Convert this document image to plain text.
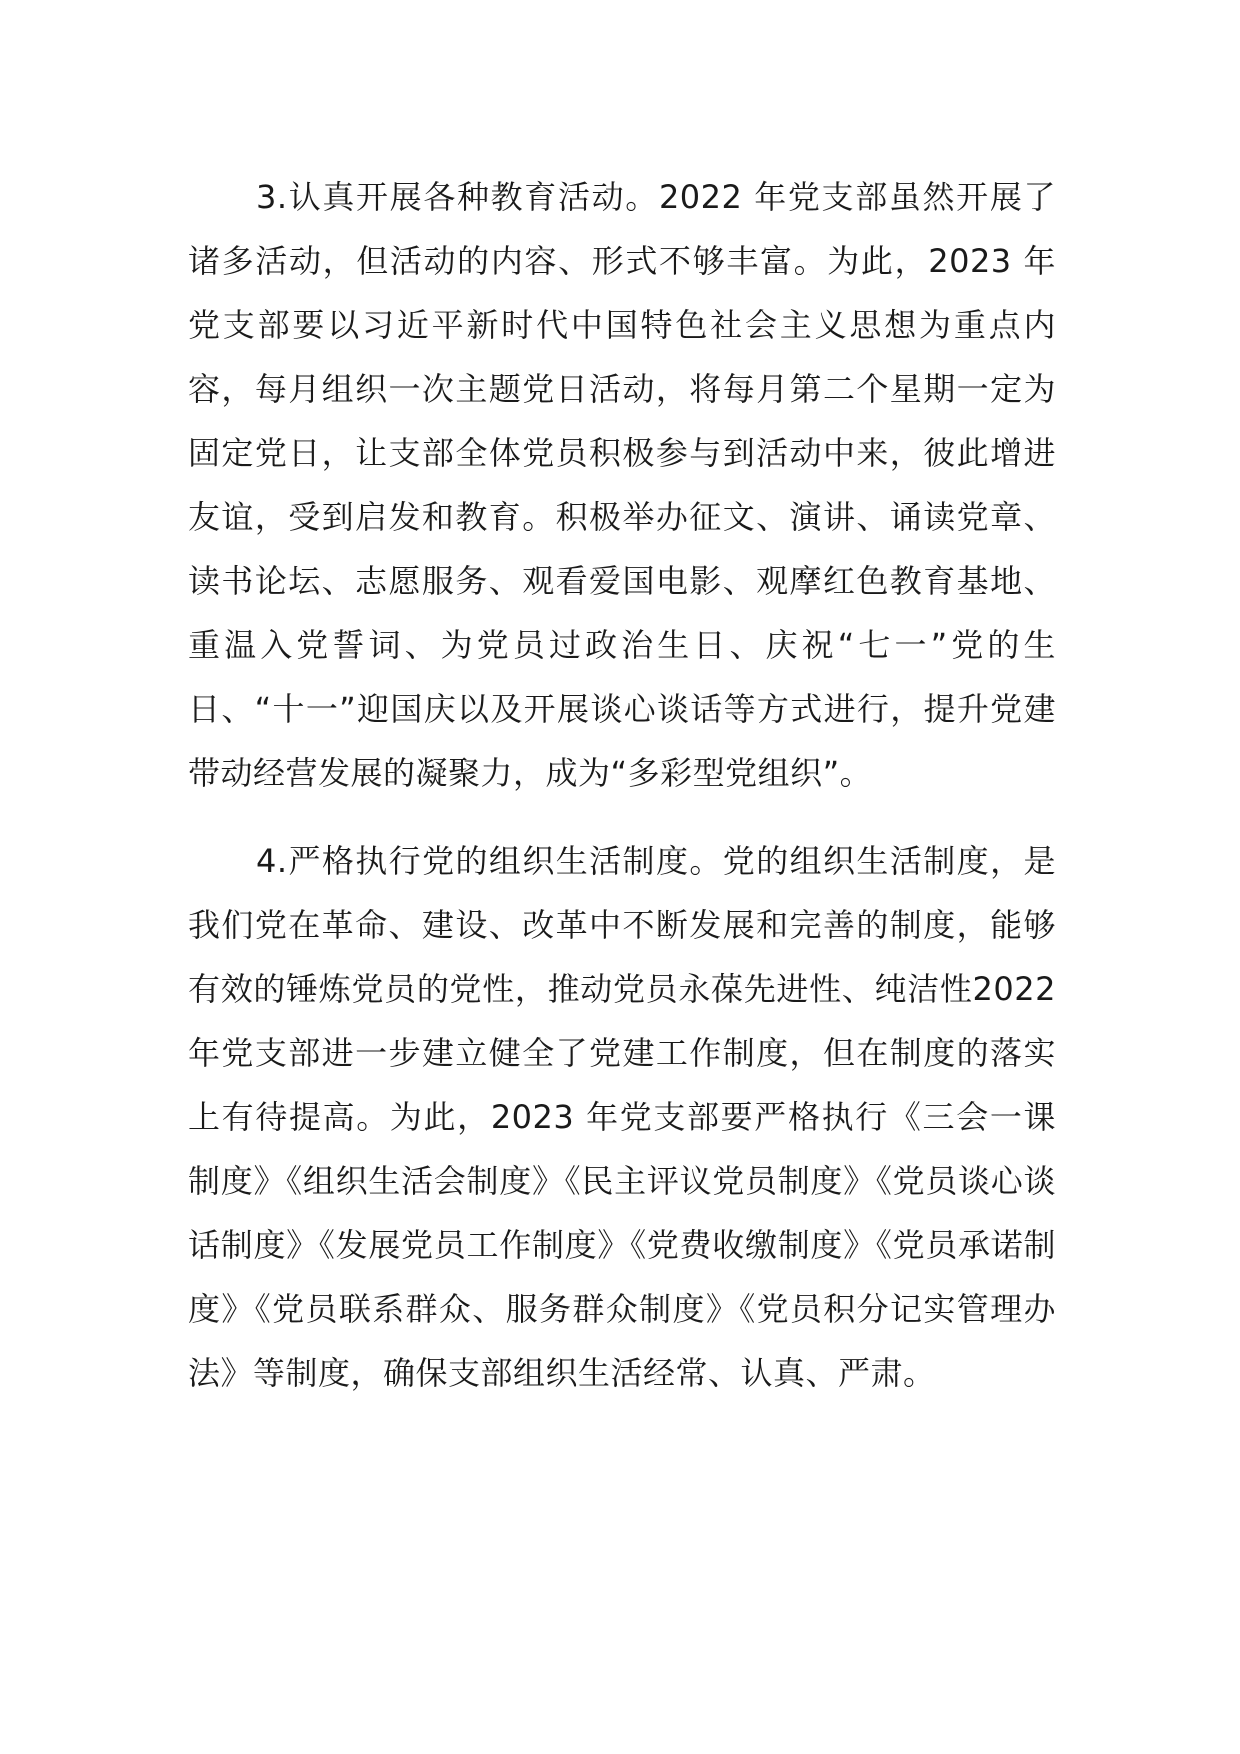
3.认真开展各种教育活动。2022 年党支部虽然开展了诸多活动，但活动的内容、形式不够丰富。为此，2023 年党支部要以习近平新时代中国特色社会主义思想为重点内容，每月组织一次主题党日活动，将每月第二个星期一定为固定党日，让支部全体党员积极参与到活动中来，彼此增进友谊，受到启发和教育。积极举办征文、演讲、诵读党章、读书论坛、志愿服务、观看爱国电影、观摩红色教育基地、重温入党誓词、为党员过政治生日、庆祝“七一”党的生日、“十一”迎国庆以及开展谈心谈话等方式进行，提升党建带动经营发展的凝聚力，成为“多彩型党组织”。

4.严格执行党的组织生活制度。党的组织生活制度，是我们党在革命、建设、改革中不断发展和完善的制度，能够有效的锤炼党员的党性，推动党员永葆先进性、纯洁性2022 年党支部进一步建立健全了党建工作制度，但在制度的落实上有待提高。为此，2023 年党支部要严格执行《三会一课制度》《组织生活会制度》《民主评议党员制度》《党员谈心谈话制度》《发展党员工作制度》《党费收缴制度》《党员承诺制度》《党员联系群众、服务群众制度》《党员积分记实管理办法》等制度，确保支部组织生活经常、认真、严肃。
